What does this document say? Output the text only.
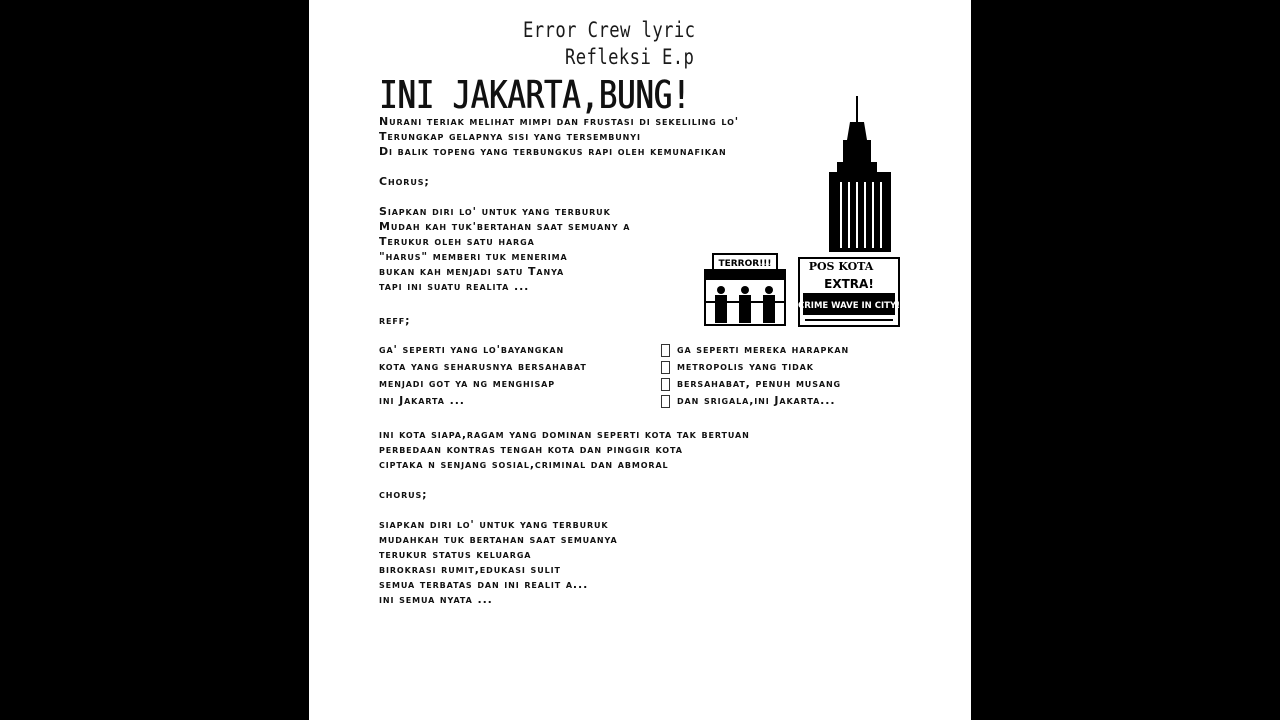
Error Crew lyric
Refleksi E.p
INI JAKARTA,BUNG!
Nurani teriak melihat mimpi dan frustasi di sekeliling lo'
Terungkap gelapnya sisi yang tersembunyi
Di balik topeng yang terbungkus rapi oleh kemunafikan
Chorus;
Siapkan diri lo' untuk yang terburuk
Mudah kah tuk'bertahan saat semuany a
Terukur oleh satu harga
"harus" memberi tuk menerima
bukan kah menjadi satu Tanya
tapi ini suatu realita ...
reff;
ga' seperti yang lo'bayangkan	ga seperti mereka harapkan
kota yang seharusnya bersahabat	metropolis yang tidak
menjadi got ya ng menghisap	bersahabat, penuh musang
ini Jakarta ...	dan srigala,ini Jakarta...
ini kota siapa,ragam yang dominan seperti kota tak bertuan
perbedaan kontras tengah kota dan pinggir kota
ciptaka n senjang sosial,criminal dan abmoral
chorus;
siapkan diri lo' untuk yang terburuk
mudahkah tuk bertahan saat semuanya
terukur status keluarga
birokrasi rumit,edukasi sulit
semua terbatas dan ini realit a...
ini semua nyata ...
TERROR!!!	POS KOTA
EXTRA!
CRIME WAVE IN CITY!
